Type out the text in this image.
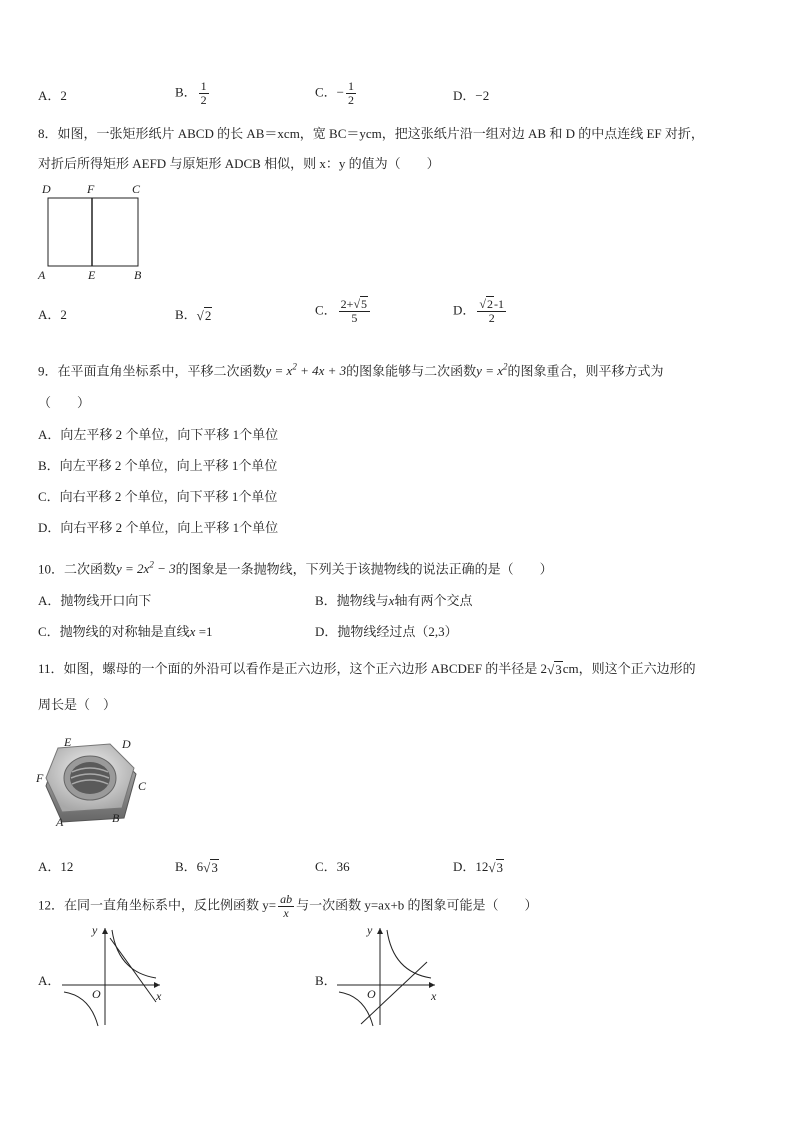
A．2	B． $\frac{1}{2}$	C．− $\frac{1}{2}$	D．−2
8．如图，一张矩形纸片 ABCD 的长 AB＝xcm，宽 BC＝ycm，把这张纸片沿一组对边 AB 和 D 的中点连线 EF 对折，
对折后所得矩形 AEFD 与原矩形 ADCB 相似，则 x：y 的值为（　　）
D	F	C
A	E	B
A．2	B．√2	C． $\frac{2+√5}{5}$	D． $\frac{√2-1}{2}$
9．在平面直角坐标系中，平移二次函数$y = x^2 + 4x + 3$的图象能够与二次函数$y = x^2$的图象重合，则平移方式为
（　　）
A．向左平移 2 个单位，向下平移 1个单位
B．向左平移 2 个单位，向上平移 1个单位
C．向右平移 2 个单位，向下平移 1个单位
D．向右平移 2 个单位，向上平移 1个单位
10．二次函数$y = 2x^2 - 3$的图象是一条抛物线，下列关于该抛物线的说法正确的是（　　）
A．抛物线开口向下	B．抛物线与x轴有两个交点
C．抛物线的对称轴是直线x =1	D．抛物线经过点（2,3）
11．如图，螺母的一个面的外沿可以看作是正六边形，这个正六边形 ABCDEF 的半径是 2√3cm，则这个正六边形的
周长是（　）
E	D
F
C
A	B
A．12	B．6√3	C．36	D．12√3
12．在同一直角坐标系中，反比例函数 $y= \frac{ab}{x}$ 与一次函数 y=ax+b 的图象可能是（　　）
A．
y
x
O
B．
y
x
O
